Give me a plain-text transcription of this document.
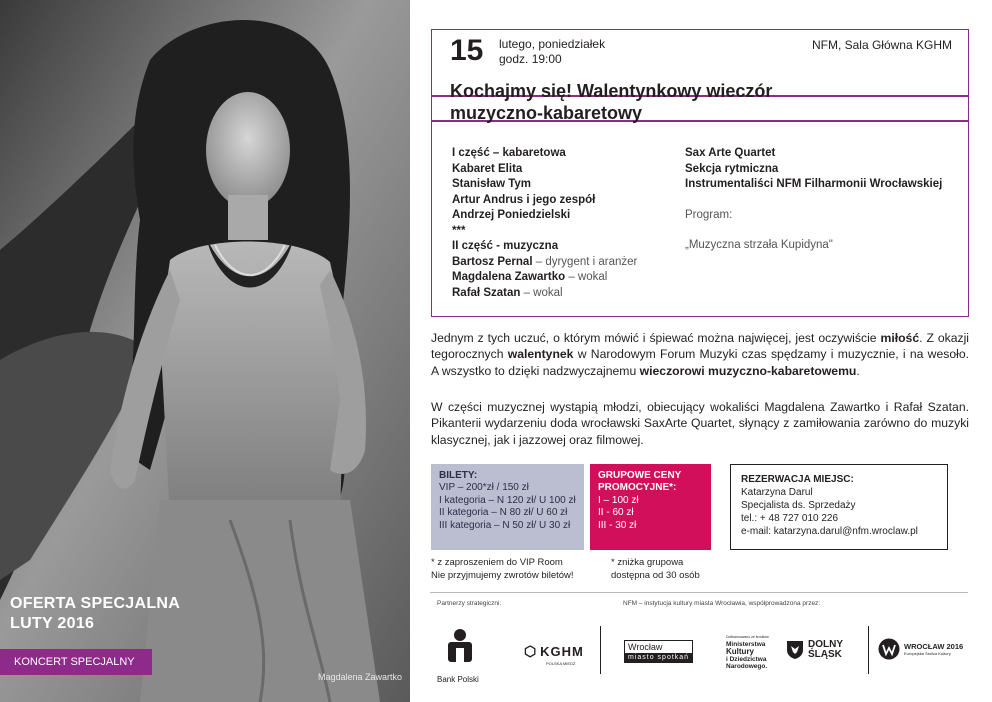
OFERTA SPECJALNA
LUTY 2016
KONCERT SPECJALNY
Magdalena Zawartko
15 lutego, poniedziałek
godz. 19:00
NFM, Sala Główna KGHM
Kochajmy się! Walentynkowy wieczór
muzyczno-kabaretowy
I część – kabaretowa
Kabaret Elita
Stanisław Tym
Artur Andrus i jego zespół
Andrzej Poniedzielski
***
II część - muzyczna
Bartosz Pernal – dyrygent i aranżer
Magdalena Zawartko – wokal
Rafał Szatan – wokal
Sax Arte Quartet
Sekcja rytmiczna
Instrumentaliści NFM Filharmonii Wrocławskiej
Program:
„Muzyczna strzała Kupidyna"
Jednym z tych uczuć, o którym mówić i śpiewać można najwięcej, jest oczywiście miłość. Z okazji tegorocznych walentynek w Narodowym Forum Muzyki czas spędzamy i muzycznie, i na wesoło. A wszystko to dzięki nadzwyczajnemu wieczorowi muzyczno-kabaretowemu.
W części muzycznej wystąpią młodzi, obiecujący wokaliści Magdalena Zawartko i Rafał Szatan. Pikanterii wydarzeniu doda wrocławski SaxArte Quartet, słynący z zamiłowania zarówno do muzyki klasycznej, jak i jazzowej oraz filmowej.
BILETY:
VIP – 200*zł / 150 zł
I kategoria – N 120 zł/ U 100 zł
II kategoria – N 80 zł/ U 60 zł
III kategoria – N 50 zł/ U 30 zł
GRUPOWE CENY
PROMOCYJNE*:
I – 100 zł
II - 60 zł
III - 30 zł
REZERWACJA MIEJSC:
Katarzyna Darul
Specjalista ds. Sprzedaży
tel.: + 48 727 010 226
e-mail: katarzyna.darul@nfm.wroclaw.pl
* z zaproszeniem do VIP Room
Nie przyjmujemy zwrotów biletów!
* zniżka grupowa
dostępna od 30 osób
Partnerzy strategiczni:	NFM – instytucja kultury miasta Wrocławia, współprowadzona przez:
Bank Polski
⬡ KGHM
POLSKA MIEDŹ
Wrocław
miasto spotkań
Dofinansowano ze środków
Ministerstwa
Kultury
i Dziedzictwa
Narodowego.
DOLNY
ŚLĄSK
WROCŁAW 2016
Europejska Stolica Kultury
